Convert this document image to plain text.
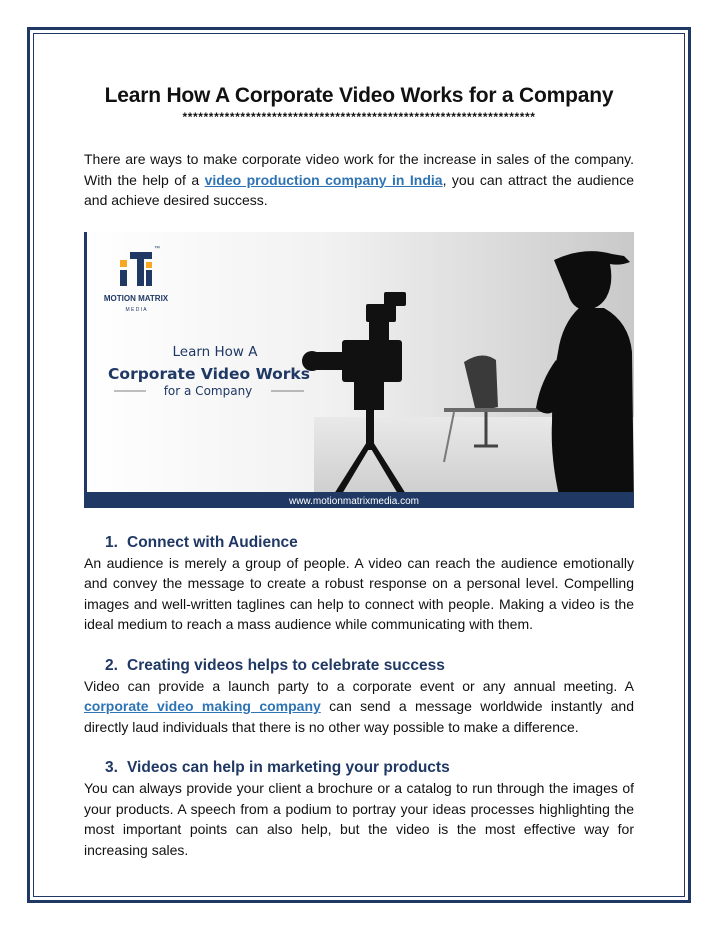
Learn How A Corporate Video Works for a Company
*******************************************************************

There are ways to make corporate video work for the increase in sales of the company. With the help of a video production company in India, you can attract the audience and achieve desired success.

™
MOTION MATRIX
M E D I A
Learn How A
Corporate Video Works
for a Company
www.motionmatrixmedia.com
1. Connect with Audience

An audience is merely a group of people. A video can reach the audience emotionally and convey the message to create a robust response on a personal level. Compelling images and well-written taglines can help to connect with people. Making a video is the ideal medium to reach a mass audience while communicating with them.

2. Creating videos helps to celebrate success

Video can provide a launch party to a corporate event or any annual meeting. A corporate video making company can send a message worldwide instantly and directly laud individuals that there is no other way possible to make a difference.

3. Videos can help in marketing your products

You can always provide your client a brochure or a catalog to run through the images of your products. A speech from a podium to portray your ideas processes highlighting the most important points can also help, but the video is the most effective way for increasing sales.
